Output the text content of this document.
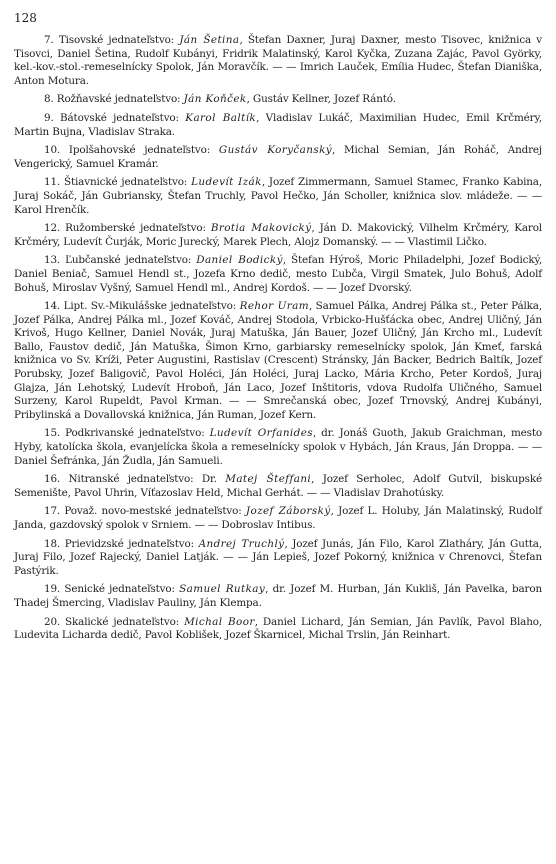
128

7. Tisovské jednateľstvo: Ján Šetina, Štefan Daxner, Juraj Daxner, mesto Tisovec, knižnica v Tisovci, Daniel Šetina, Rudolf Kubányi, Fridrik Malatinský, Karol Kyčka, Zuzana Zajác, Pavol Györky, kel.-kov.-stol.-remeselnícky Spolok, Ján Moravčík. — — Imrich Lauček, Emília Hudec, Štefan Dianiška, Anton Motura.

8. Rožňavské jednateľstvo: Ján Koňček, Gustáv Kellner, Jozef Rántó.

9. Bátovské jednateľstvo: Karol Baltík, Vladislav Lukáč, Maximilian Hudec, Emil Krčméry, Martin Bujna, Vladislav Straka.

10. Ipolšahovské jednateľstvo: Gustáv Koryčanský, Michal Semian, Ján Roháč, Andrej Vengerický, Samuel Kramár.

11. Štiavnické jednateľstvo: Ludevít Izák, Jozef Zimmermann, Samuel Stamec, Franko Kabina, Juraj Sokáč, Ján Gubriansky, Štefan Truchly, Pavol Hečko, Ján Scholler, knižnica slov. mládeže. — — Karol Hrenčík.

12. Ružomberské jednateľstvo: Brotia Makovický, Ján D. Makovický, Vilhelm Krčméry, Karol Krčméry, Ludevít Čurják, Moric Jurecký, Marek Plech, Alojz Domanský. — — Vlastimil Ličko.

13. Ľubčanské jednateľstvo: Daniel Bodický, Štefan Hýroš, Moric Philadelphi, Jozef Bodický, Daniel Beniač, Samuel Hendl st., Jozefa Krno dedič, mesto Ľubča, Virgil Smatek, Julo Bohuš, Adolf Bohuš, Miroslav Vyšný, Samuel Hendl ml., Andrej Kordoš. — — Jozef Dvorský.

14. Lipt. Sv.-Mikulášske jednateľstvo: Rehor Uram, Samuel Pálka, Andrej Pálka st., Peter Pálka, Jozef Pálka, Andrej Pálka ml., Jozef Kováč, Andrej Stodola, Vrbicko-Hušťácka obec, Andrej Uličný, Ján Krivoš, Hugo Kellner, Daniel Novák, Juraj Matuška, Ján Bauer, Jozef Uličný, Ján Krcho ml., Ludevít Ballo, Faustov dedič, Ján Matuška, Šimon Krno, garbiarsky remeselnícky spolok, Ján Kmeť, farská knižnica vo Sv. Kríži, Peter Augustini, Rastislav (Crescent) Stránsky, Ján Backer, Bedrich Baltík, Jozef Porubsky, Jozef Baligovič, Pavol Holéci, Ján Holéci, Juraj Lacko, Mária Krcho, Peter Kordoš, Juraj Glajza, Ján Lehotský, Ludevít Hroboň, Ján Laco, Jozef Inštitoris, vdova Rudolfa Uličného, Samuel Surzeny, Karol Rupeldt, Pavol Krman. — — Smrečanská obec, Jozef Trnovský, Andrej Kubányi, Pribylinská a Dovallovská knižnica, Ján Ruman, Jozef Kern.

15. Podkrivanské jednateľstvo: Ludevít Orfanides, dr. Jonáš Guoth, Jakub Graichman, mesto Hyby, katolícka škola, evanjelícka škola a remeselnícky spolok v Hybách, Ján Kraus, Ján Droppa. — — Daniel Šefránka, Ján Žudla, Ján Samueli.

16. Nitranské jednateľstvo: Dr. Matej Šteffani, Jozef Serholec, Adolf Gutvil, biskupské Semenište, Pavol Uhrin, Víťazoslav Held, Michal Gerhát. — — Vladislav Drahotúsky.

17. Považ. novo-mestské jednateľstvo: Jozef Záborský, Jozef L. Holuby, Ján Malatinský, Rudolf Janda, gazdovský spolok v Srniem. — — Dobroslav Intibus.

18. Prievidzské jednateľstvo: Andrej Truchlý, Jozef Junás, Ján Filo, Karol Zlatháry, Ján Gutta, Juraj Filo, Jozef Rajecký, Daniel Latják. — — Ján Lepieš, Jozef Pokorný, knižnica v Chrenovci, Štefan Pastýrik.

19. Senické jednateľstvo: Samuel Rutkay, dr. Jozef M. Hurban, Ján Kukliš, Ján Pavelka, baron Thadej Šmercing, Vladislav Pauliny, Ján Klempa.

20. Skalické jednateľstvo: Michal Boor, Daniel Lichard, Ján Semian, Ján Pavlík, Pavol Blaho, Ludevita Licharda dedič, Pavol Koblišek, Jozef Škarnicel, Michal Trslin, Ján Reinhart.
